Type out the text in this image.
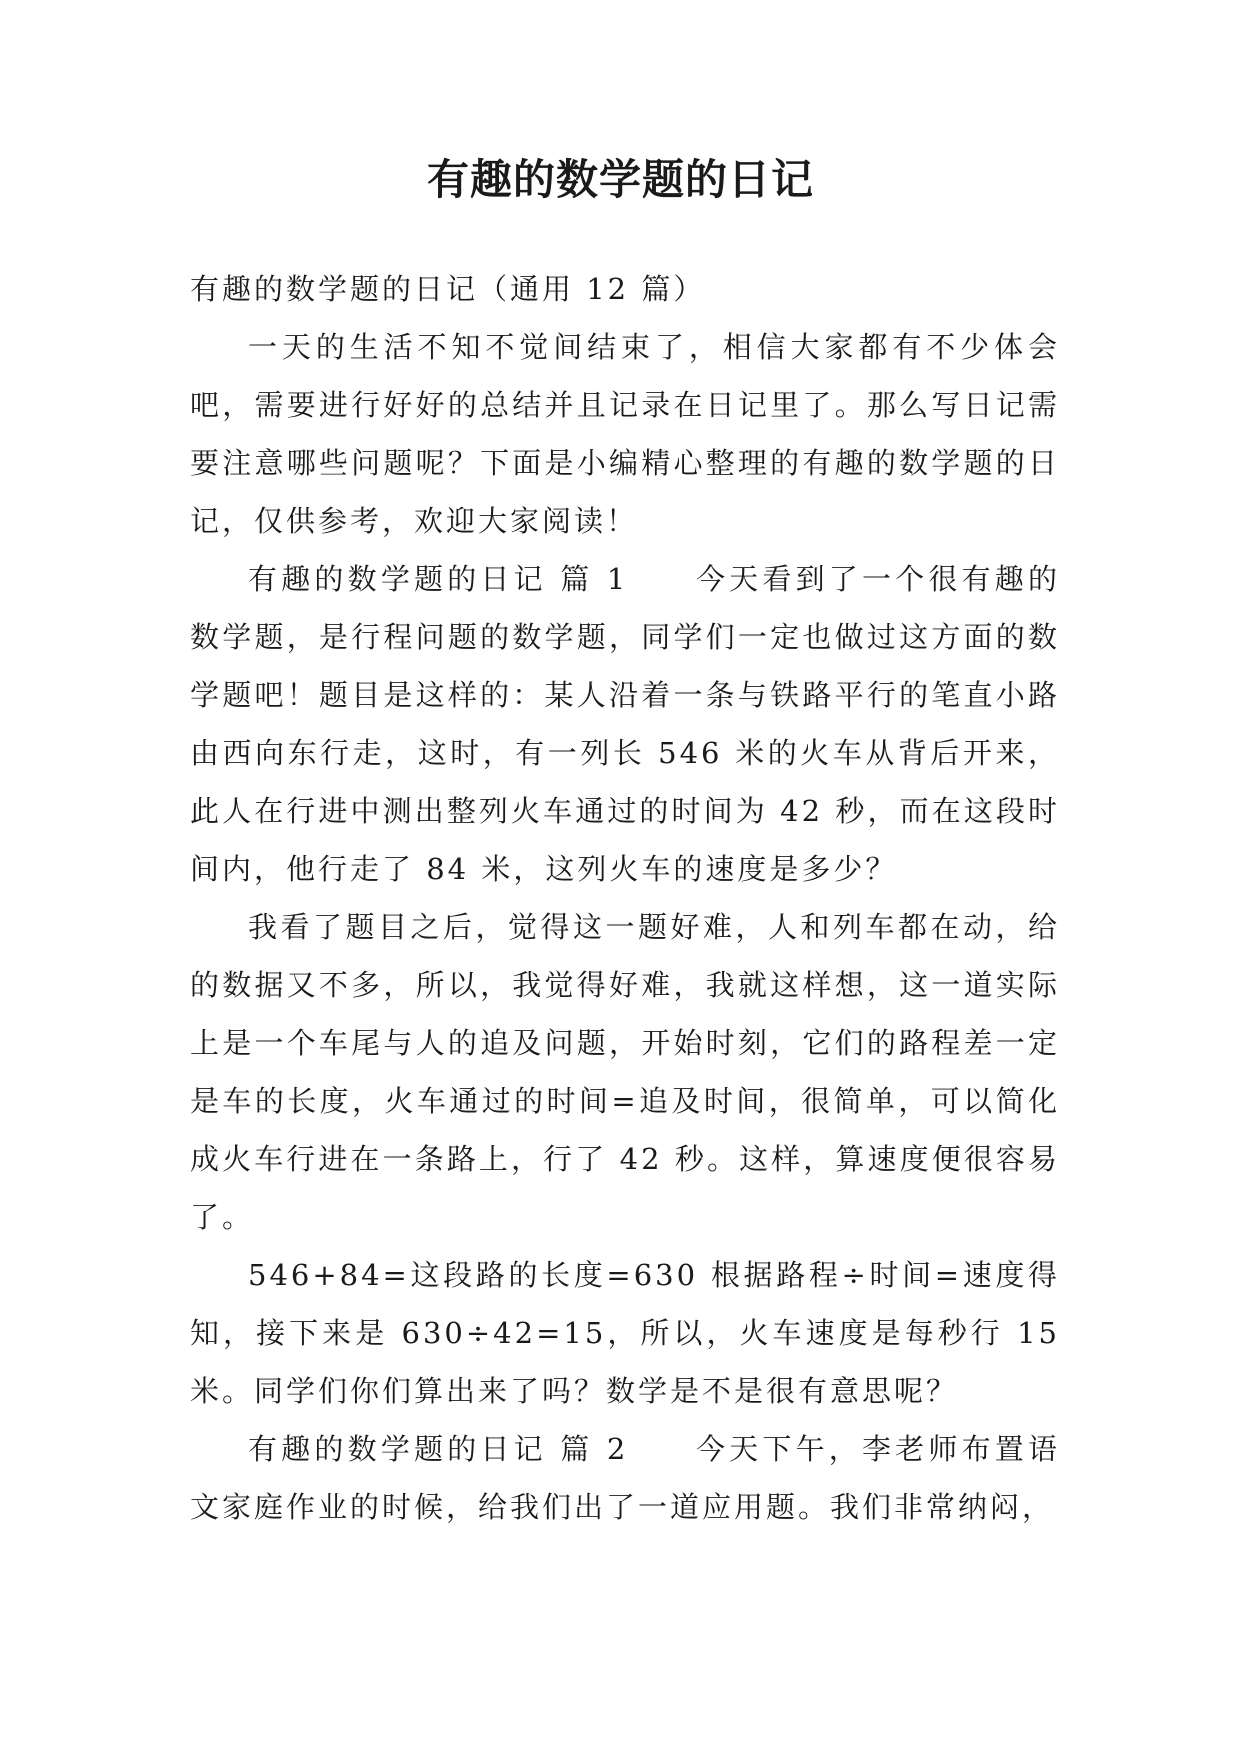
有趣的数学题的日记

有趣的数学题的日记（通用 12 篇）

一天的生活不知不觉间结束了，相信大家都有不少体会吧，需要进行好好的总结并且记录在日记里了。那么写日记需要注意哪些问题呢？下面是小编精心整理的有趣的数学题的日记，仅供参考，欢迎大家阅读！

有趣的数学题的日记 篇 1　　今天看到了一个很有趣的数学题，是行程问题的数学题，同学们一定也做过这方面的数学题吧！题目是这样的：某人沿着一条与铁路平行的笔直小路由西向东行走，这时，有一列长 546 米的火车从背后开来，此人在行进中测出整列火车通过的时间为 42 秒，而在这段时间内，他行走了 84 米，这列火车的速度是多少？

我看了题目之后，觉得这一题好难，人和列车都在动，给的数据又不多，所以，我觉得好难，我就这样想，这一道实际上是一个车尾与人的追及问题，开始时刻，它们的路程差一定是车的长度，火车通过的时间=追及时间，很简单，可以简化成火车行进在一条路上，行了 42 秒。这样，算速度便很容易了。

546+84=这段路的长度=630 根据路程÷时间=速度得知，接下来是 630÷42=15，所以，火车速度是每秒行 15 米。同学们你们算出来了吗？数学是不是很有意思呢？

有趣的数学题的日记 篇 2　　今天下午，李老师布置语文家庭作业的时候，给我们出了一道应用题。我们非常纳闷，
